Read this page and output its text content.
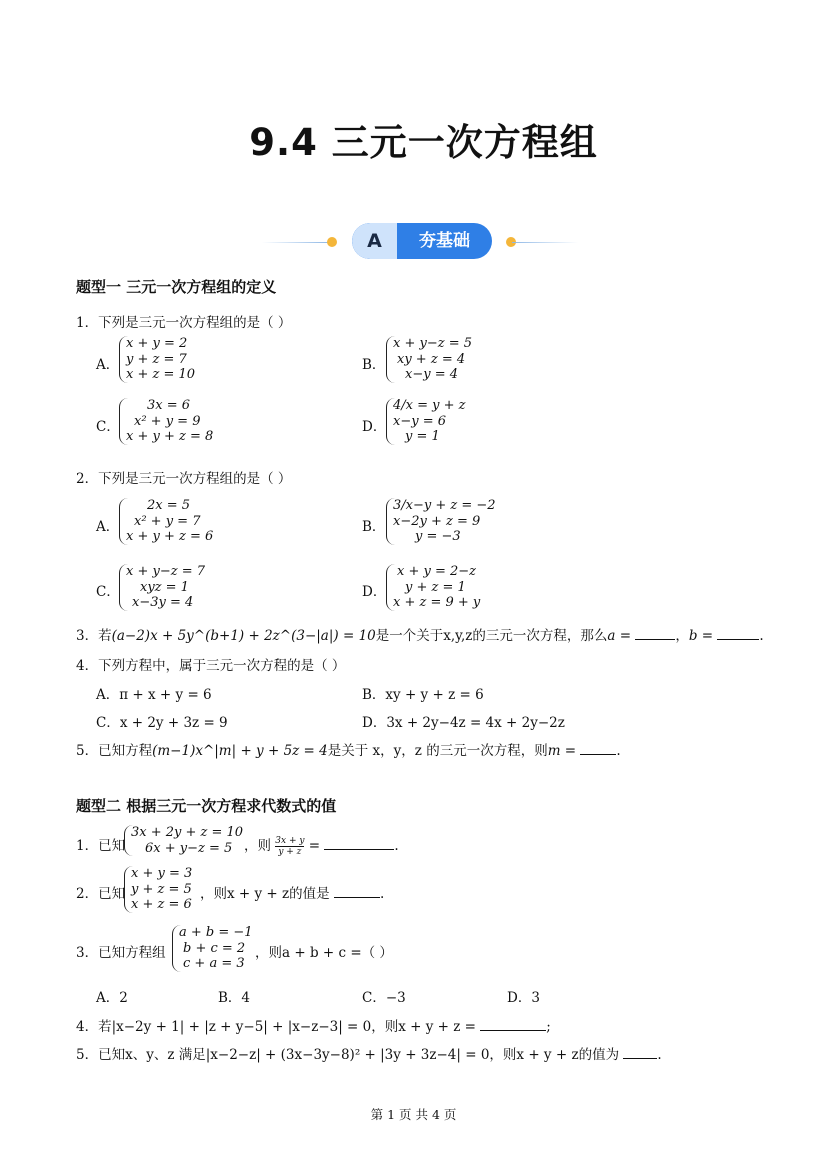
9.4 三元一次方程组
A	夯基础
题型一 三元一次方程组的定义
1．下列是三元一次方程组的是（ ）
A．
x + y = 2
y + z = 7
x + z = 10
B．
x + y−z = 5
xy + z = 4
x−y = 4
C．
3x = 6
x² + y = 9
x + y + z = 8
D．
4/x = y + z
x−y = 6
y = 1
2．下列是三元一次方程组的是（ ）
A．
2x = 5
x² + y = 7
x + y + z = 6
B．
3/x−y + z = −2
x−2y + z = 9
y = −3
C．
x + y−z = 7
xyz = 1
x−3y = 4
D．
x + y = 2−z
y + z = 1
x + z = 9 + y
3．若(a−2)x + 5y^(b+1) + 2z^(3−|a|) = 10是一个关于x,y,z的三元一次方程，那么a =	，b =	.
4．下列方程中，属于三元一次方程的是（ ）
A．π + x + y = 6	B．xy + y + z = 6
C．x + 2y + 3z = 9	D．3x + 2y−4z = 4x + 2y−2z
5．已知方程(m−1)x^|m| + y + 5z = 4是关于 x，y，z 的三元一次方程，则m =	.
题型二 根据三元一次方程求代数式的值
1．已知
3x + 2y + z = 10
6x + y−z = 5 ，则 $\frac{3x + y}{y + z}$ =	.
2．已知
x + y = 3
y + z = 5
x + z = 6
，则x + y + z的值是	.
3．已知方程组
a + b = −1
b + c = 2
c + a = 3
，则a + b + c =（ ）
A．2	B．4	C．−3	D．3
4．若|x−2y + 1| + |z + y−5| + |x−z−3| = 0，则x + y + z =	;
5．已知x、y、z 满足|x−2−z| + (3x−3y−8)² + |3y + 3z−4| = 0，则x + y + z的值为	.
第 1 页 共 4 页
